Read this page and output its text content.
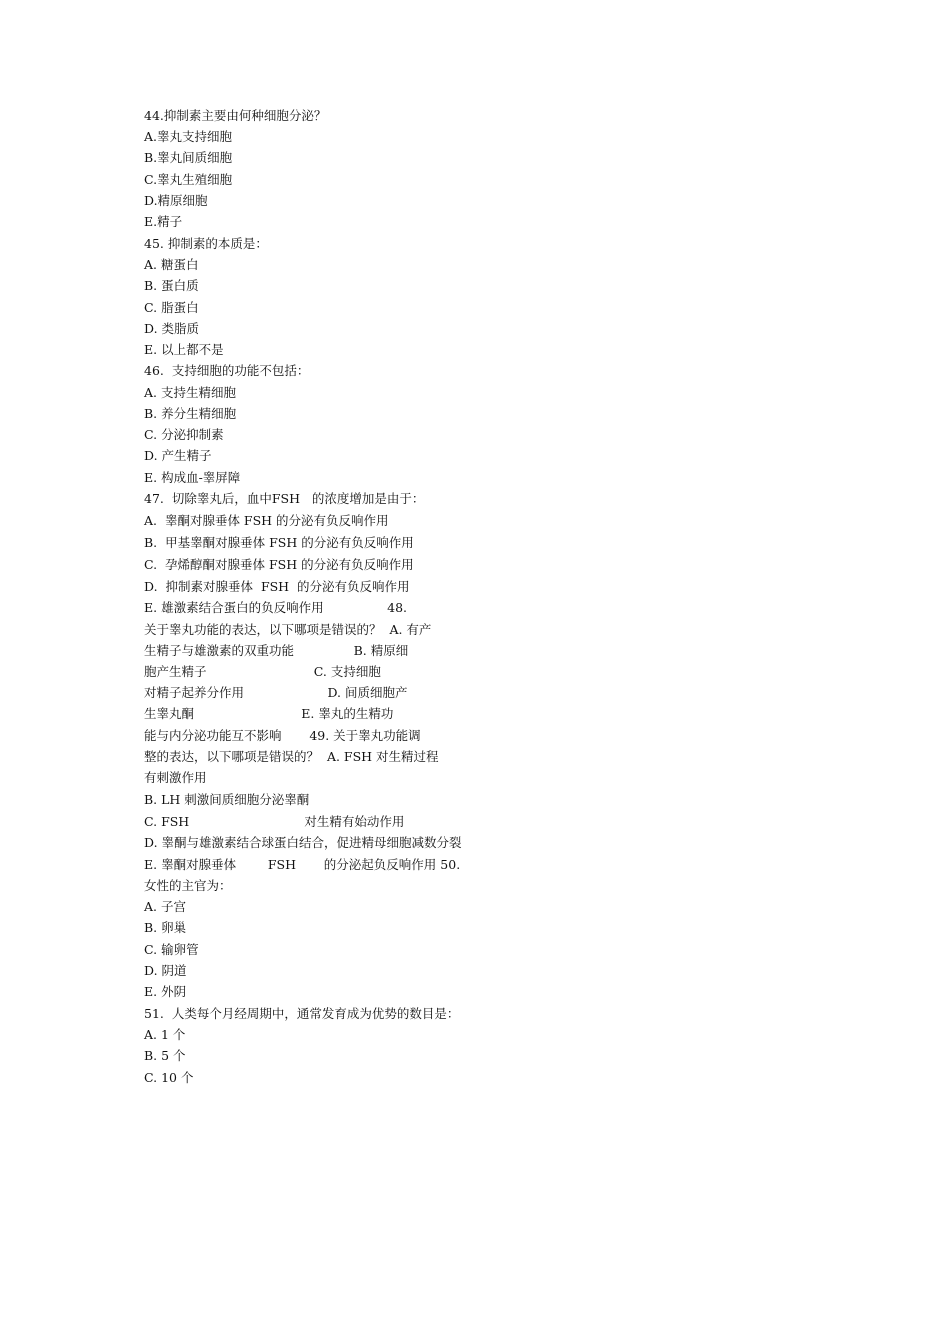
44.抑制素主要由何种细胞分泌？
A.睾丸支持细胞
B.睾丸间质细胞
C.睾丸生殖细胞
D.精原细胞
E.精子
45. 抑制素的本质是：
A. 糖蛋白
B. 蛋白质
C. 脂蛋白
D. 类脂质
E. 以上都不是
46.  支持细胞的功能不包括：
A. 支持生精细胞
B. 养分生精细胞
C. 分泌抑制素
D. 产生精子
E. 构成血-睾屏障
47.  切除睾丸后，血中FSH   的浓度增加是由于：
A.  睾酮对腺垂体 FSH 的分泌有负反响作用
B.  甲基睾酮对腺垂体 FSH 的分泌有负反响作用
C.  孕烯醇酮对腺垂体 FSH 的分泌有负反响作用
D.  抑制素对腺垂体  FSH  的分泌有负反响作用
E. 雄激素结合蛋白的负反响作用                48.
关于睾丸功能的表达，以下哪项是错误的？  A. 有产
生精子与雄激素的双重功能               B. 精原细
胞产生精子                           C. 支持细胞
对精子起养分作用                     D. 间质细胞产
生睾丸酮                           E. 睾丸的生精功
能与内分泌功能互不影响       49. 关于睾丸功能调
整的表达，以下哪项是错误的？  A. FSH 对生精过程
有刺激作用
B. LH 刺激间质细胞分泌睾酮
C. FSH                             对生精有始动作用
D. 睾酮与雄激素结合球蛋白结合，促进精母细胞减数分裂
E. 睾酮对腺垂体        FSH       的分泌起负反响作用 50.
女性的主官为：
A. 子宫
B. 卵巢
C. 输卵管
D. 阴道
E. 外阴
51.  人类每个月经周期中，通常发育成为优势的数目是：
A. 1 个
B. 5 个
C. 10 个
